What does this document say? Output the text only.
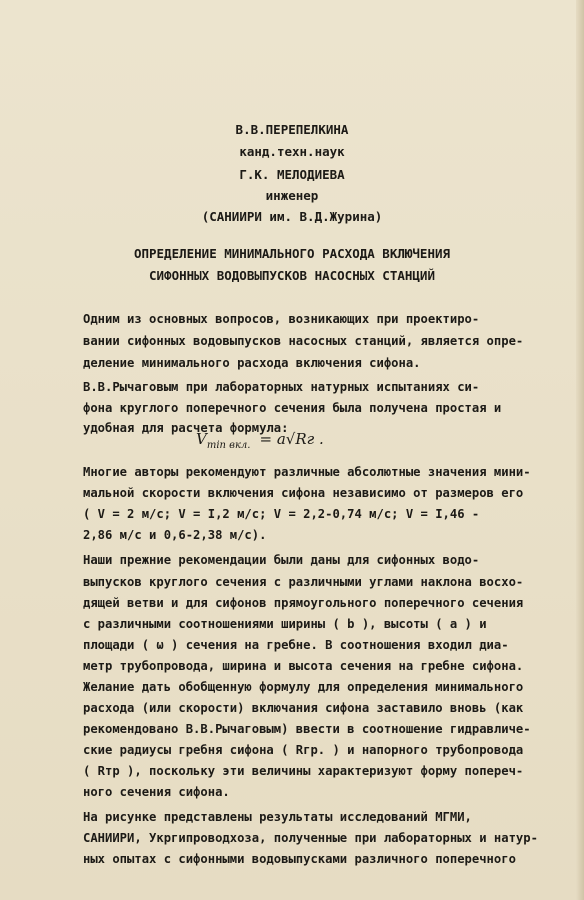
В.В.ПЕРЕПЕЛКИНА
канд.техн.наук
Г.К. МЕЛОДИЕВА
инженер
(САНИИРИ им. В.Д.Журина)
ОПРЕДЕЛЕНИЕ МИНИМАЛЬНОГО РАСХОДА ВКЛЮЧЕНИЯ
СИФОННЫХ ВОДОВЫПУСКОВ НАСОСНЫХ СТАНЦИЙ
$V_{min вкл.} = a√Rг$ .
Одним из основных вопросов, возникающих при проектиро-
вании сифонных водовыпусков насосных станций, является опре-
деление минимального расхода включения сифона.
В.В.Рычаговым при лабораторных натурных испытаниях си-
фона круглого поперечного сечения была получена простая и
удобная для расчета формула:
Многие авторы рекомендуют различные абсолютные значения мини-
мальной скорости включения сифона независимо от размеров его
( V = 2 м/с; V = I,2 м/с; V = 2,2-0,74 м/с; V = I,46 -
2,86 м/с и 0,6-2,38 м/с).
Наши прежние рекомендации были даны для сифонных водо-
выпусков круглого сечения с различными углами наклона восхо-
дящей ветви и для сифонов прямоугольного поперечного сечения
с различными соотношениями ширины ( b ), высоты ( a ) и
площади ( ω ) сечения на гребне. В соотношения входил диа-
метр трубопровода, ширина и высота сечения на гребне сифона.
Желание дать обобщенную формулу для определения минимального
расхода (или скорости) включания сифона заставило вновь (как
рекомендовано В.В.Рычаговым) ввести в соотношение гидравличе-
ские радиусы гребня сифона ( Rгр. ) и напорного трубопровода
( Rтр ), поскольку эти величины характеризуют форму попереч-
ного сечения сифона.
На рисунке представлены результаты исследований МГМИ,
САНИИРИ, Укргипроводхоза, полученные при лабораторных и натур-
ных опытах с сифонными водовыпусками различного поперечного
